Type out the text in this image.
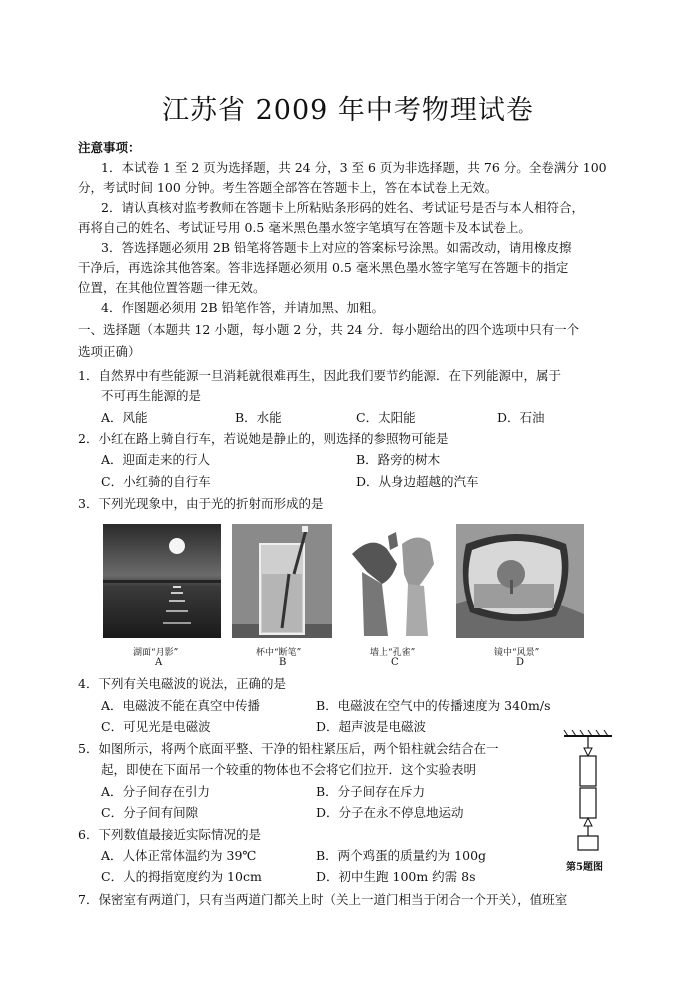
江苏省 2009 年中考物理试卷
注意事项：
1．本试卷 1 至 2 页为选择题，共 24 分，3 至 6 页为非选择题，共 76 分。全卷满分 100
分，考试时间 100 分钟。考生答题全部答在答题卡上，答在本试卷上无效。
2．请认真核对监考教师在答题卡上所粘贴条形码的姓名、考试证号是否与本人相符合，
再将自己的姓名、考试证号用 0.5 毫米黑色墨水签字笔填写在答题卡及本试卷上。
3．答选择题必须用 2B 铅笔将答题卡上对应的答案标号涂黑。如需改动，请用橡皮擦
干净后，再选涂其他答案。答非选择题必须用 0.5 毫米黑色墨水签字笔写在答题卡的指定
位置，在其他位置答题一律无效。
4．作图题必须用 2B 铅笔作答，并请加黑、加粗。
一、选择题（本题共 12 小题，每小题 2 分，共 24 分．每小题给出的四个选项中只有一个
选项正确）
1．自然界中有些能源一旦消耗就很难再生，因此我们要节约能源．在下列能源中，属于
不可再生能源的是
A．风能	B．水能	C．太阳能	D．石油
2．小红在路上骑自行车，若说她是静止的，则选择的参照物可能是
A．迎面走来的行人	B．路旁的树木
C．小红骑的自行车	D．从身边超越的汽车
3．下列光现象中，由于光的折射而形成的是
湖面“月影”	杯中“断笔”	墙上“孔雀”	镜中“风景”
A	B	C	D
4．下列有关电磁波的说法，正确的是
A．电磁波不能在真空中传播	B．电磁波在空气中的传播速度为 340m/s
C．可见光是电磁波	D．超声波是电磁波
5．如图所示，将两个底面平整、干净的铅柱紧压后，两个铅柱就会结合在一
起，即使在下面吊一个较重的物体也不会将它们拉开．这个实验表明
A．分子间存在引力	B．分子间存在斥力
C．分子间有间隙	D．分子在永不停息地运动
第5题图
6．下列数值最接近实际情况的是
A．人体正常体温约为 39℃	B．两个鸡蛋的质量约为 100g
C．人的拇指宽度约为 10cm	D．初中生跑 100m 约需 8s
7．保密室有两道门，只有当两道门都关上时（关上一道门相当于闭合一个开关），值班室
